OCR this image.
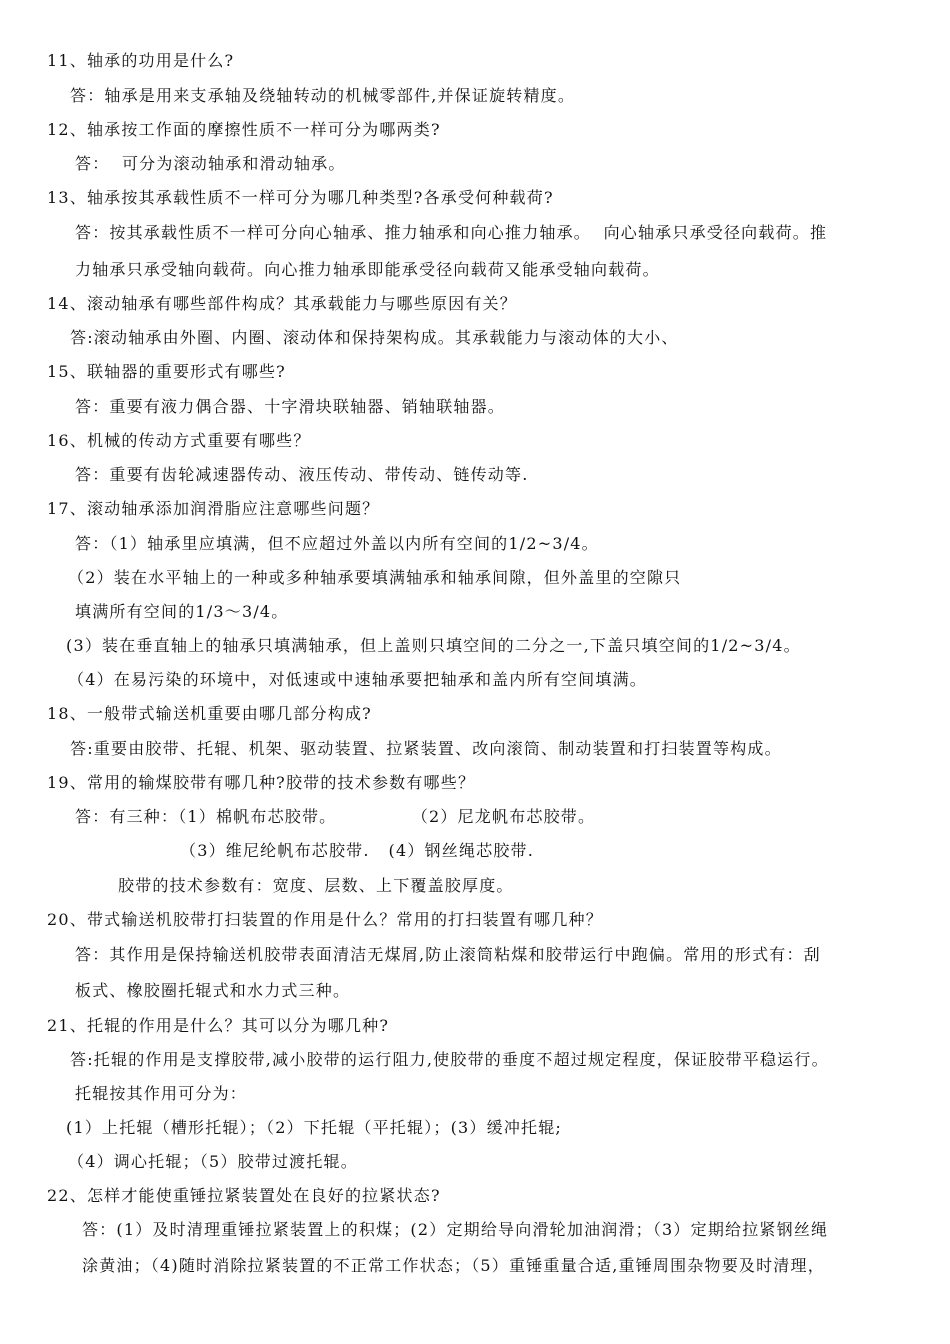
11、轴承的功用是什么?
答：轴承是用来支承轴及绕轴转动的机械零部件,并保证旋转精度。
12、轴承按工作面的摩擦性质不一样可分为哪两类?
答：  可分为滚动轴承和滑动轴承。
13、轴承按其承载性质不一样可分为哪几种类型?各承受何种载荷?
答：按其承载性质不一样可分向心轴承、推力轴承和向心推力轴承。  向心轴承只承受径向载荷。推
力轴承只承受轴向载荷。向心推力轴承即能承受径向载荷又能承受轴向载荷。
14、滚动轴承有哪些部件构成？其承载能力与哪些原因有关？
答:滚动轴承由外圈、内圈、滚动体和保持架构成。其承载能力与滚动体的大小、
15、联轴器的重要形式有哪些?
答：重要有液力偶合器、十字滑块联轴器、销轴联轴器。
16、机械的传动方式重要有哪些？
答：重要有齿轮减速器传动、液压传动、带传动、链传动等.
17、滚动轴承添加润滑脂应注意哪些问题？
答：（1）轴承里应填满，但不应超过外盖以内所有空间的1/2~3/4。
（2）装在水平轴上的一种或多种轴承要填满轴承和轴承间隙，但外盖里的空隙只
填满所有空间的1/3～3/4。
(3）装在垂直轴上的轴承只填满轴承，但上盖则只填空间的二分之一,下盖只填空间的1/2~3/4。
（4）在易污染的环境中，对低速或中速轴承要把轴承和盖内所有空间填满。
18、一般带式输送机重要由哪几部分构成?
答:重要由胶带、托辊、机架、驱动装置、拉紧装置、改向滚筒、制动装置和打扫装置等构成。
19、常用的输煤胶带有哪几种?胶带的技术参数有哪些？
答：有三种：（1）棉帆布芯胶带。            （2）尼龙帆布芯胶带。
（3）维尼纶帆布芯胶带.   (4）钢丝绳芯胶带.
胶带的技术参数有：宽度、层数、上下覆盖胶厚度。
20、带式输送机胶带打扫装置的作用是什么？常用的打扫装置有哪几种？
答：其作用是保持输送机胶带表面清洁无煤屑,防止滚筒粘煤和胶带运行中跑偏。常用的形式有：刮
板式、橡胶圈托辊式和水力式三种。
21、托辊的作用是什么？其可以分为哪几种?
答:托辊的作用是支撑胶带,减小胶带的运行阻力,使胶带的垂度不超过规定程度，保证胶带平稳运行。
托辊按其作用可分为：
(1）上托辊（槽形托辊）；（2）下托辊（平托辊）；(3）缓冲托辊;
（4）调心托辊；（5）胶带过渡托辊。
22、怎样才能使重锤拉紧装置处在良好的拉紧状态?
答：(1）及时清理重锤拉紧装置上的积煤；(2）定期给导向滑轮加油润滑；（3）定期给拉紧钢丝绳
涂黄油；（4)随时消除拉紧装置的不正常工作状态；（5）重锤重量合适,重锤周围杂物要及时清理，
